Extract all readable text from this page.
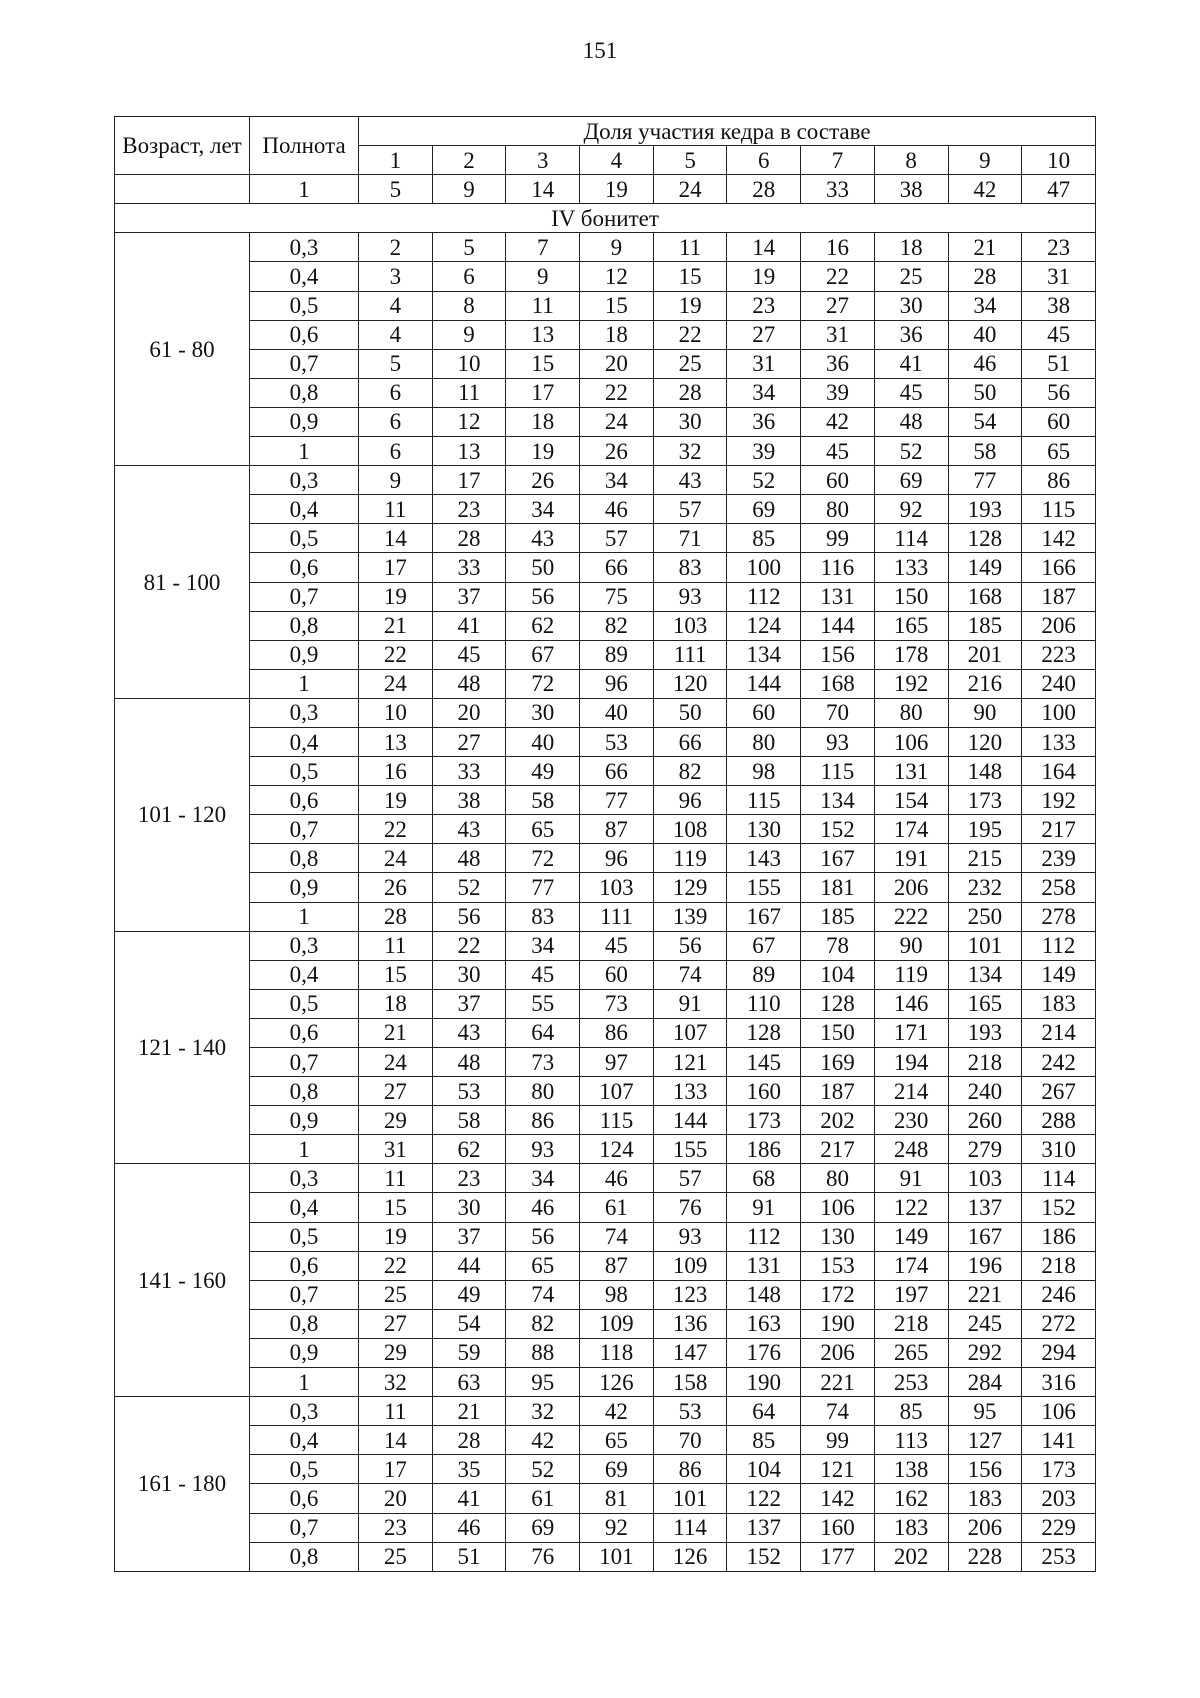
151
Возраст, лет	Полнота	Доля участия кедра в составе									
		1	2	3	4	5	6	7	8	9	10
	1	5	9	14	19	24	28	33	38	42	47
IV бонитет											
61 - 80	0,3	2	5	7	9	11	14	16	18	21	23
	0,4	3	6	9	12	15	19	22	25	28	31
	0,5	4	8	11	15	19	23	27	30	34	38
	0,6	4	9	13	18	22	27	31	36	40	45
	0,7	5	10	15	20	25	31	36	41	46	51
	0,8	6	11	17	22	28	34	39	45	50	56
	0,9	6	12	18	24	30	36	42	48	54	60
	1	6	13	19	26	32	39	45	52	58	65
81 - 100	0,3	9	17	26	34	43	52	60	69	77	86
	0,4	11	23	34	46	57	69	80	92	193	115
	0,5	14	28	43	57	71	85	99	114	128	142
	0,6	17	33	50	66	83	100	116	133	149	166
	0,7	19	37	56	75	93	112	131	150	168	187
	0,8	21	41	62	82	103	124	144	165	185	206
	0,9	22	45	67	89	111	134	156	178	201	223
	1	24	48	72	96	120	144	168	192	216	240
101 - 120	0,3	10	20	30	40	50	60	70	80	90	100
	0,4	13	27	40	53	66	80	93	106	120	133
	0,5	16	33	49	66	82	98	115	131	148	164
	0,6	19	38	58	77	96	115	134	154	173	192
	0,7	22	43	65	87	108	130	152	174	195	217
	0,8	24	48	72	96	119	143	167	191	215	239
	0,9	26	52	77	103	129	155	181	206	232	258
	1	28	56	83	111	139	167	185	222	250	278
121 - 140	0,3	11	22	34	45	56	67	78	90	101	112
	0,4	15	30	45	60	74	89	104	119	134	149
	0,5	18	37	55	73	91	110	128	146	165	183
	0,6	21	43	64	86	107	128	150	171	193	214
	0,7	24	48	73	97	121	145	169	194	218	242
	0,8	27	53	80	107	133	160	187	214	240	267
	0,9	29	58	86	115	144	173	202	230	260	288
	1	31	62	93	124	155	186	217	248	279	310
141 - 160	0,3	11	23	34	46	57	68	80	91	103	114
	0,4	15	30	46	61	76	91	106	122	137	152
	0,5	19	37	56	74	93	112	130	149	167	186
	0,6	22	44	65	87	109	131	153	174	196	218
	0,7	25	49	74	98	123	148	172	197	221	246
	0,8	27	54	82	109	136	163	190	218	245	272
	0,9	29	59	88	118	147	176	206	265	292	294
	1	32	63	95	126	158	190	221	253	284	316
161 - 180	0,3	11	21	32	42	53	64	74	85	95	106
	0,4	14	28	42	65	70	85	99	113	127	141
	0,5	17	35	52	69	86	104	121	138	156	173
	0,6	20	41	61	81	101	122	142	162	183	203
	0,7	23	46	69	92	114	137	160	183	206	229
	0,8	25	51	76	101	126	152	177	202	228	253
